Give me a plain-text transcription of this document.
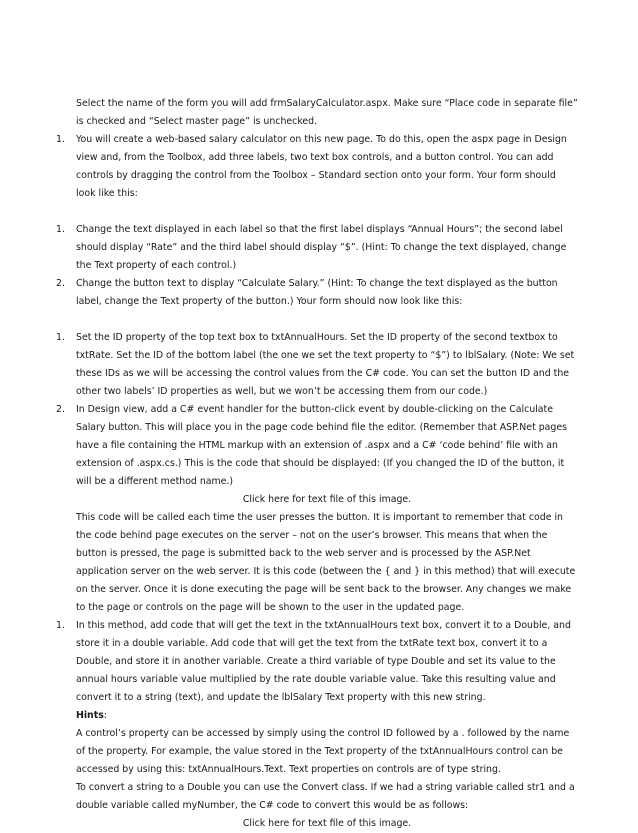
Select the name of the form you will add frmSalaryCalculator.aspx. Make sure “Place code in separate file” is checked and “Select master page” is unchecked.

1. You will create a web-based salary calculator on this new page. To do this, open the aspx page in Design view and, from the Toolbox, add three labels, two text box controls, and a button control. You can add controls by dragging the control from the Toolbox – Standard section onto your form. Your form should look like this:

1. Change the text displayed in each label so that the first label displays “Annual Hours”; the second label should display “Rate” and the third label should display “$”. (Hint: To change the text displayed, change the Text property of each control.)

2. Change the button text to display “Calculate Salary.” (Hint: To change the text displayed as the button label, change the Text property of the button.) Your form should now look like this:

1. Set the ID property of the top text box to txtAnnualHours. Set the ID property of the second textbox to txtRate. Set the ID of the bottom label (the one we set the text property to “$”) to lblSalary. (Note: We set these IDs as we will be accessing the control values from the C# code. You can set the button ID and the other two labels’ ID properties as well, but we won’t be accessing them from our code.)

2. In Design view, add a C# event handler for the button-click event by double-clicking on the Calculate Salary button. This will place you in the page code behind file the editor. (Remember that ASP.Net pages have a file containing the HTML markup with an extension of .aspx and a C# ‘code behind’ file with an extension of .aspx.cs.) This is the code that should be displayed: (If you changed the ID of the button, it will be a different method name.)

Click here for text file of this image.

This code will be called each time the user presses the button. It is important to remember that code in the code behind page executes on the server – not on the user’s browser. This means that when the button is pressed, the page is submitted back to the web server and is processed by the ASP.Net application server on the web server. It is this code (between the { and } in this method) that will execute on the server. Once it is done executing the page will be sent back to the browser. Any changes we make to the page or controls on the page will be shown to the user in the updated page.

1. In this method, add code that will get the text in the txtAnnualHours text box, convert it to a Double, and store it in a double variable. Add code that will get the text from the txtRate text box, convert it to a Double, and store it in another variable. Create a third variable of type Double and set its value to the annual hours variable value multiplied by the rate double variable value. Take this resulting value and convert it to a string (text), and update the lblSalary Text property with this new string.

Hints:

A control’s property can be accessed by simply using the control ID followed by a . followed by the name of the property. For example, the value stored in the Text property of the txtAnnualHours control can be accessed by using this: txtAnnualHours.Text. Text properties on controls are of type string.

To convert a string to a Double you can use the Convert class. If we had a string variable called str1 and a double variable called myNumber, the C# code to convert this would be as follows:

Click here for text file of this image.
